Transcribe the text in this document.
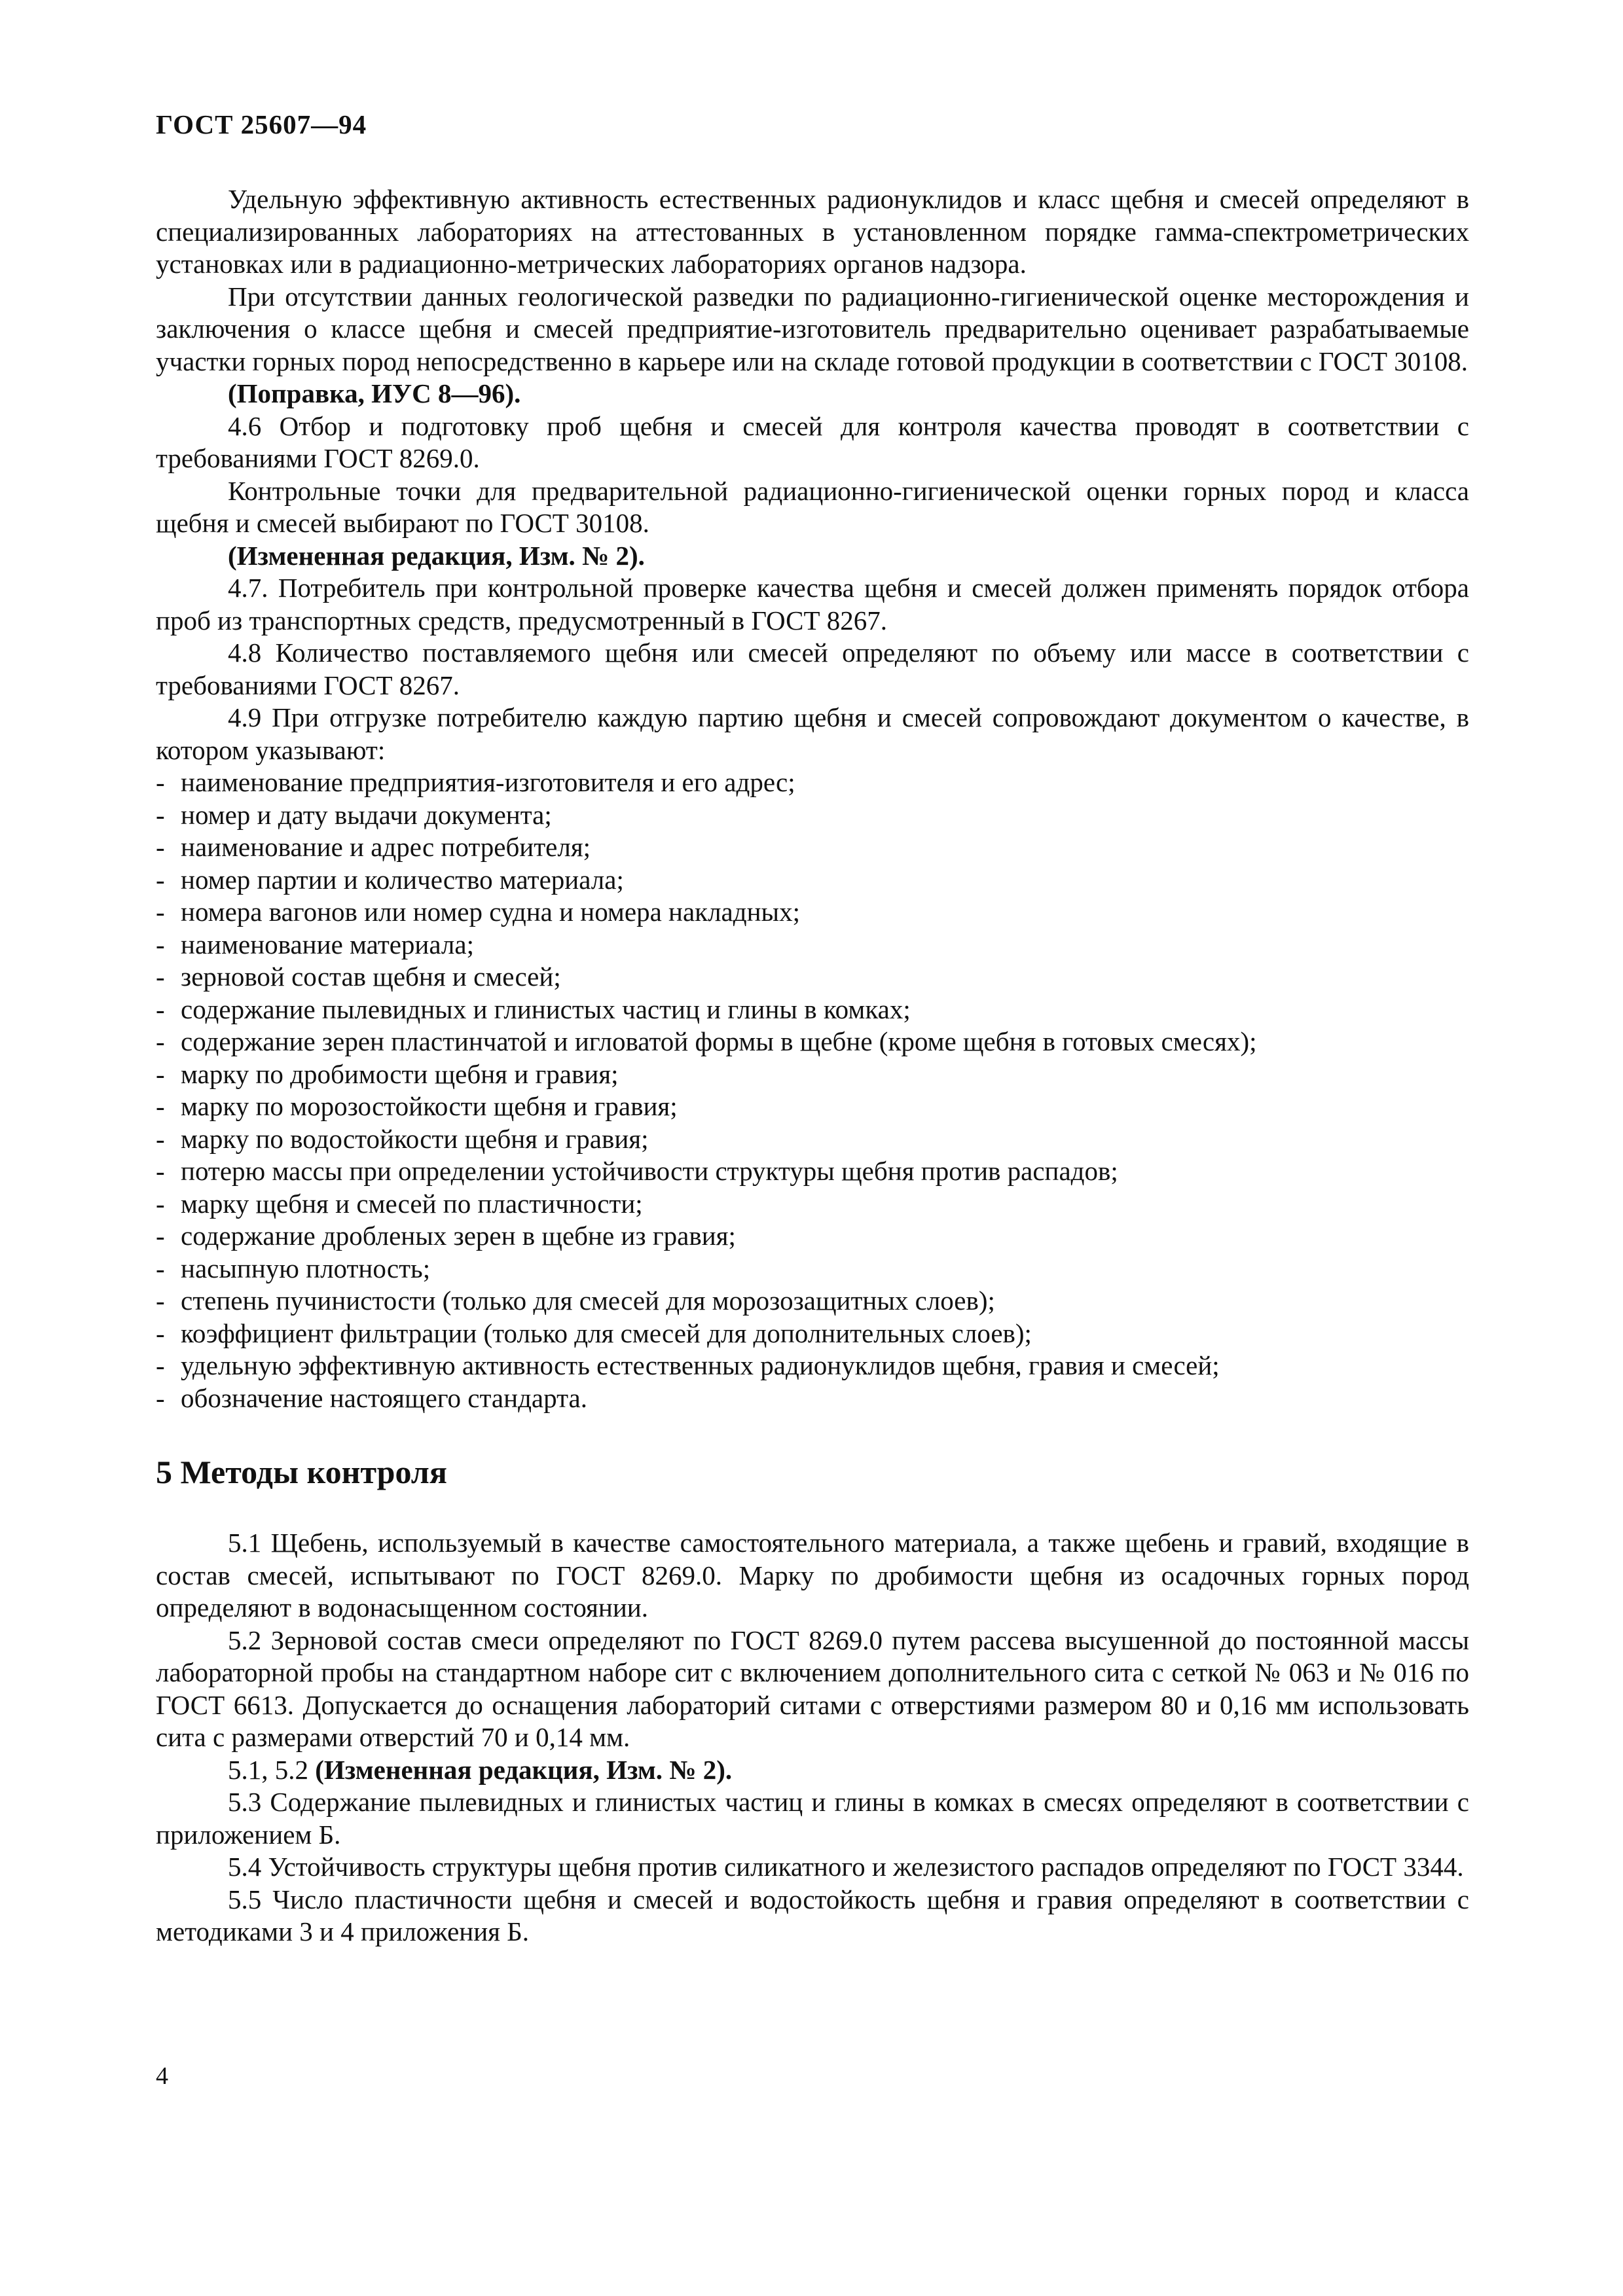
ГОСТ 25607—94
Удельную эффективную активность естественных радионуклидов и класс щебня и смесей определяют в специализированных лабораториях на аттестованных в установленном порядке гамма-спектрометрических установках или в радиационно-метрических лабораториях органов надзора.
При отсутствии данных геологической разведки по радиационно-гигиенической оценке месторождения и заключения о классе щебня и смесей предприятие-изготовитель предварительно оценивает разрабатываемые участки горных пород непосредственно в карьере или на складе готовой продукции в соответствии с ГОСТ 30108.
(Поправка, ИУС 8—96).
4.6 Отбор и подготовку проб щебня и смесей для контроля качества проводят в соответствии с требованиями ГОСТ 8269.0.
Контрольные точки для предварительной радиационно-гигиенической оценки горных пород и класса щебня и смесей выбирают по ГОСТ 30108.
(Измененная редакция, Изм. № 2).
4.7. Потребитель при контрольной проверке качества щебня и смесей должен применять порядок отбора проб из транспортных средств, предусмотренный в ГОСТ 8267.
4.8 Количество поставляемого щебня или смесей определяют по объему или массе в соответствии с требованиями ГОСТ 8267.
4.9 При отгрузке потребителю каждую партию щебня и смесей сопровождают документом о качестве, в котором указывают:
- наименование предприятия-изготовителя и его адрес;
- номер и дату выдачи документа;
- наименование и адрес потребителя;
- номер партии и количество материала;
- номера вагонов или номер судна и номера накладных;
- наименование материала;
- зерновой состав щебня и смесей;
- содержание пылевидных и глинистых частиц и глины в комках;
- содержание зерен пластинчатой и игловатой формы в щебне (кроме щебня в готовых смесях);
- марку по дробимости щебня и гравия;
- марку по морозостойкости щебня и гравия;
- марку по водостойкости щебня и гравия;
- потерю массы при определении устойчивости структуры щебня против распадов;
- марку щебня и смесей по пластичности;
- содержание дробленых зерен в щебне из гравия;
- насыпную плотность;
- степень пучинистости (только для смесей для морозозащитных слоев);
- коэффициент фильтрации (только для смесей для дополнительных слоев);
- удельную эффективную активность естественных радионуклидов щебня, гравия и смесей;
- обозначение настоящего стандарта.
5 Методы контроля
5.1 Щебень, используемый в качестве самостоятельного материала, а также щебень и гравий, входящие в состав смесей, испытывают по ГОСТ 8269.0. Марку по дробимости щебня из осадочных горных пород определяют в водонасыщенном состоянии.
5.2 Зерновой состав смеси определяют по ГОСТ 8269.0 путем рассева высушенной до постоянной массы лабораторной пробы на стандартном наборе сит с включением дополнительного сита с сеткой № 063 и № 016 по ГОСТ 6613. Допускается до оснащения лабораторий ситами с отверстиями размером 80 и 0,16 мм использовать сита с размерами отверстий 70 и 0,14 мм.
5.1, 5.2 (Измененная редакция, Изм. № 2).
5.3 Содержание пылевидных и глинистых частиц и глины в комках в смесях определяют в соответствии с приложением Б.
5.4 Устойчивость структуры щебня против силикатного и железистого распадов определяют по ГОСТ 3344.
5.5 Число пластичности щебня и смесей и водостойкость щебня и гравия определяют в соответствии с методиками 3 и 4 приложения Б.
4
